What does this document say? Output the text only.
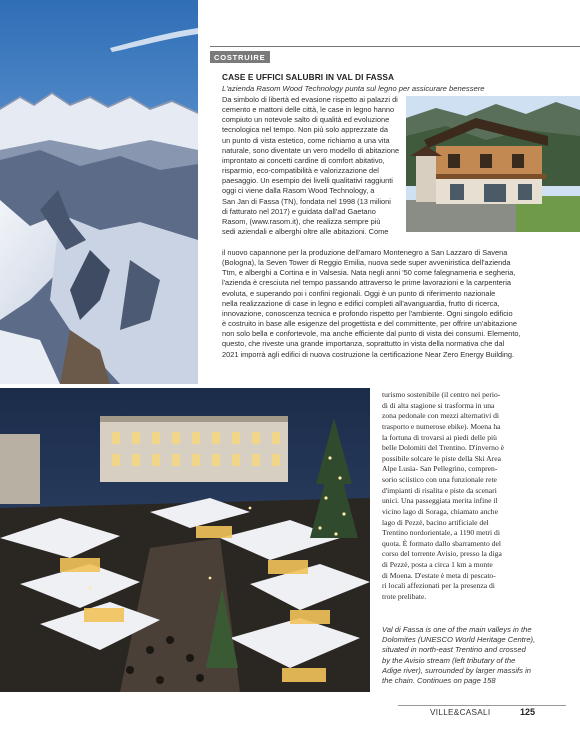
COSTRUIRE
CASE E UFFICI SALUBRI IN VAL DI FASSA
L'azienda Rasom Wood Technology punta sul legno per assicurare benessere
Da simbolo di libertà ed evasione rispetto ai palazzi di
cemento e mattoni delle città, le case in legno hanno
compiuto un notevole salto di qualità ed evoluzione
tecnologica nel tempo. Non più solo apprezzate da
un punto di vista estetico, come richiamo a una vita
naturale, sono diventate un vero modello di abitazione
improntato ai concetti cardine di comfort abitativo,
risparmio, eco-compatibilità e valorizzazione del
paesaggio. Un esempio dei livelli qualitativi raggiunti
oggi ci viene dalla Rasom Wood Technology, a
San Jan di Fassa (TN), fondata nel 1998 (13 milioni
di fatturato nel 2017) e guidata dall'ad Gaetano
Rasom, (www.rasom.it), che realizza sempre più
sedi aziendali e alberghi oltre alle abitazioni. Come
il nuovo capannone per la produzione dell'amaro Montenegro a San Lazzaro di Savena
(Bologna), la Seven Tower di Reggio Emilia, nuova sede super avveniristica dell'azienda
Ttm, e alberghi a Cortina e in Valsesia. Nata negli anni '50 come falegnameria e segheria,
l'azienda è cresciuta nel tempo passando attraverso le prime lavorazioni e la carpenteria
evoluta, e superando poi i confini regionali. Oggi è un punto di riferimento nazionale
nella realizzazione di case in legno e edifici completi all'avanguardia, frutto di ricerca,
innovazione, conoscenza tecnica e profondo rispetto per l'ambiente. Ogni singolo edificio
è costruito in base alle esigenze del progettista e del committente, per offrire un'abitazione
non solo bella e confortevole, ma anche efficiente dal punto di vista dei consumi. Elemento,
questo, che riveste una grande importanza, soprattutto in vista della normativa che dal
2021 imporrà agli edifici di nuova costruzione la certificazione Near Zero Energy Building.
turismo sostenibile (il centro nei perio-
di di alta stagione si trasforma in una
zona pedonale con mezzi alternativi di
trasporto e numerose ebike). Moena ha
la fortuna di trovarsi ai piedi delle più
belle Dolomiti del Trentino. D'inverno è
possibile solcare le piste della Ski Area
Alpe Lusia- San Pellegrino, compren-
sorio sciistico con una funzionale rete
d'impianti di risalita e piste da scenari
unici. Una passeggiata merita infine il
vicino lago di Soraga, chiamato anche
lago di Pezzè, bacino artificiale del
Trentino nordorientale, a 1190 metri di
quota. È formato dallo sbarramento del
corso del torrente Avisio, presso la diga
di Pezzè, posta a circa 1 km a monte
di Moena. D'estate è meta di pescato-
ri locali affezionati per la presenza di
trote prelibate.
Val di Fassa is one of the main valleys in the
Dolomites (UNESCO World Heritage Centre),
situated in north-east Trentino and crossed
by the Avisio stream (left tributary of the
Adige river), surrounded by larger massifs in
the chain. Continues on page 158
VILLE&CASALI	125
